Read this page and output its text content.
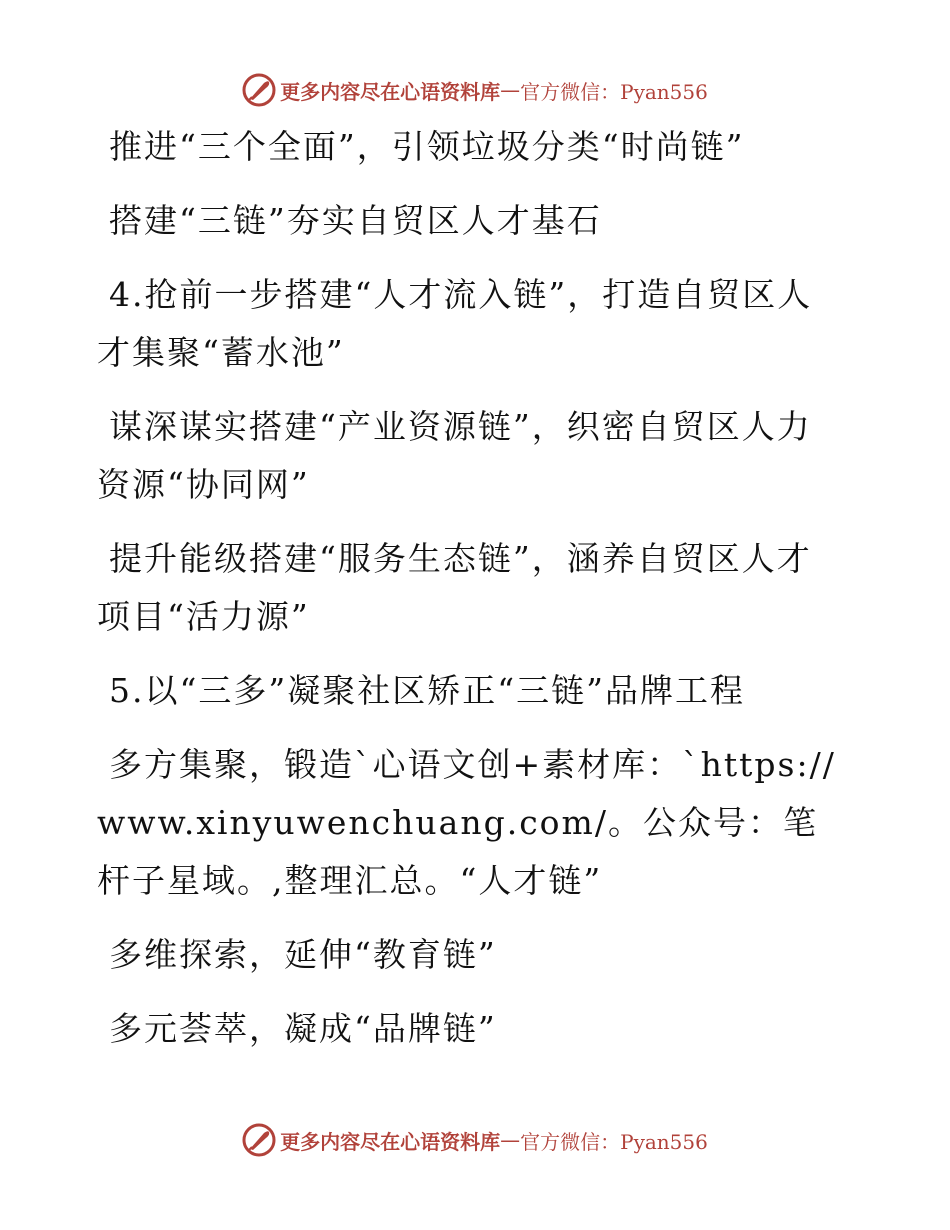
更多内容尽在心语资料库 — 官方微信：Pyan556

推进“三个全面”，引领垃圾分类“时尚链”

搭建“三链”夯实自贸区人才基石

4.抢前一步搭建“人才流入链”，打造自贸区人才集聚“蓄水池”

谋深谋实搭建“产业资源链”，织密自贸区人力资源“协同网”

提升能级搭建“服务生态链”，涵养自贸区人才项目“活力源”

5.以“三多”凝聚社区矫正“三链”品牌工程

多方集聚，锻造`心语文创+素材库：`https://www.xinyuwenchuang.com/。公众号：笔杆子星域。,整理汇总。“人才链”

多维探索，延伸“教育链”

多元荟萃，凝成“品牌链”

更多内容尽在心语资料库 — 官方微信：Pyan556
